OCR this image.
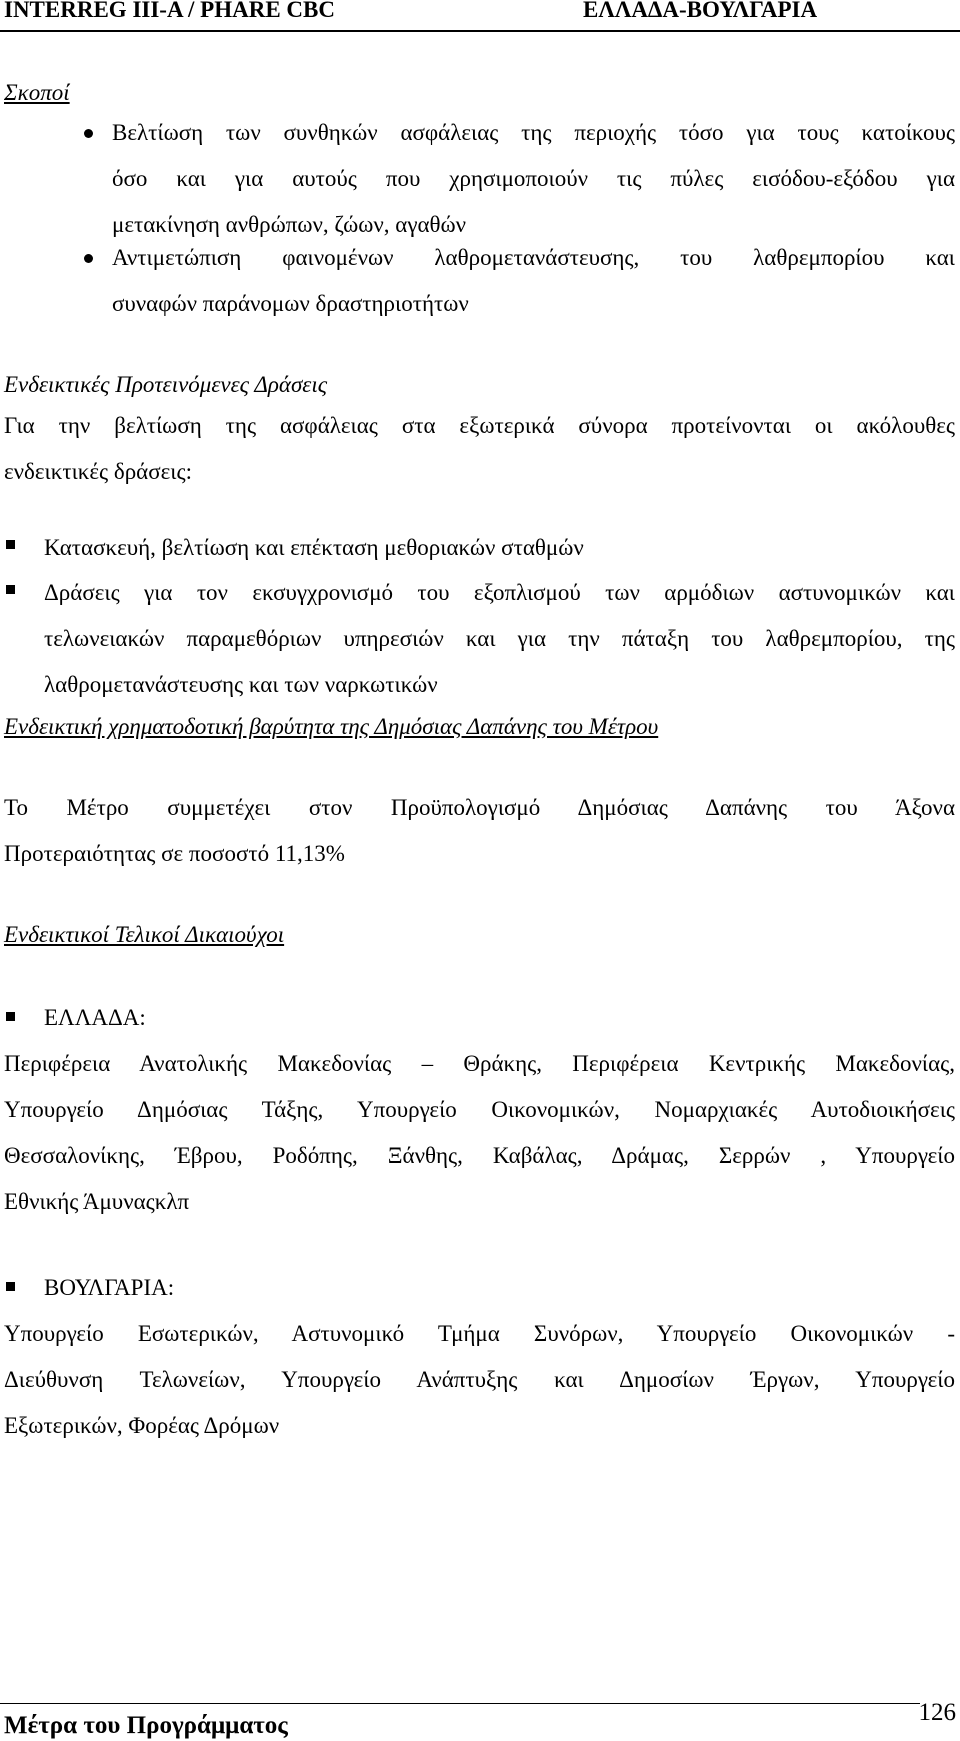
INTERREG III-A / PHARE CBC	ΕΛΛΑΔΑ-ΒΟΥΛΓΑΡΙΑ
Σκοποί
Βελτίωση των συνθηκών ασφάλειας της περιοχής τόσο για τους κατοίκους
όσο και για αυτούς που χρησιμοποιούν τις πύλες εισόδου-εξόδου για
μετακίνηση ανθρώπων, ζώων, αγαθών
Αντιμετώπιση φαινομένων λαθρομετανάστευσης, του λαθρεμπορίου και
συναφών παράνομων δραστηριοτήτων
Ενδεικτικές Προτεινόμενες Δράσεις
Για την βελτίωση της ασφάλειας στα εξωτερικά σύνορα προτείνονται οι ακόλουθες
ενδεικτικές δράσεις:
Κατασκευή, βελτίωση και επέκταση μεθοριακών σταθμών
Δράσεις για τον εκσυγχρονισμό του εξοπλισμού των αρμόδιων αστυνομικών και
τελωνειακών παραμεθόριων υπηρεσιών και για την πάταξη του λαθρεμπορίου, της
λαθρομετανάστευσης και των ναρκωτικών
Ενδεικτική χρηματοδοτική βαρύτητα της Δημόσιας Δαπάνης του Μέτρου
Το Μέτρο συμμετέχει στον Προϋπολογισμό Δημόσιας Δαπάνης του Άξονα
Προτεραιότητας σε ποσοστό 11,13%
Ενδεικτικοί Τελικοί Δικαιούχοι
ΕΛΛΑΔΑ:
Περιφέρεια Ανατολικής Μακεδονίας – Θράκης, Περιφέρεια Κεντρικής Μακεδονίας,
Υπουργείο Δημόσιας Τάξης, Υπουργείο Οικονομικών, Νομαρχιακές Αυτοδιοικήσεις
Θεσσαλονίκης, Έβρου, Ροδόπης, Ξάνθης, Καβάλας, Δράμας, Σερρών , Υπουργείο
Εθνικής Άμυναςκλπ
ΒΟΥΛΓΑΡΙΑ:
Υπουργείο Εσωτερικών, Αστυνομικό Τμήμα Συνόρων, Υπουργείο Οικονομικών -
Διεύθυνση Τελωνείων, Υπουργείο Ανάπτυξης και Δημοσίων Έργων, Υπουργείο
Εξωτερικών, Φορέας Δρόμων
Μέτρα του Προγράμματος	126
